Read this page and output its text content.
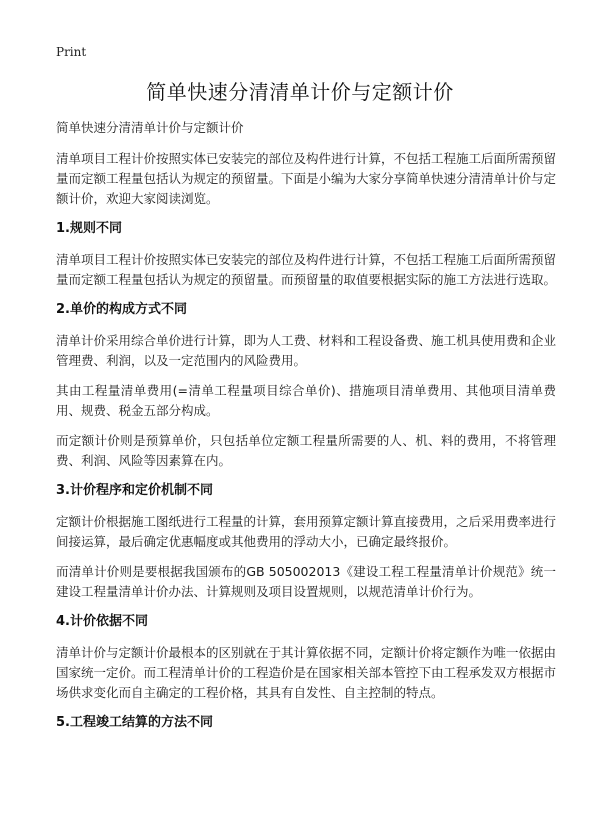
Print
简单快速分清清单计价与定额计价
简单快速分清清单计价与定额计价

清单项目工程计价按照实体已安装完的部位及构件进行计算，不包括工程施工后面所需预留量而定额工程量包括认为规定的预留量。下面是小编为大家分享简单快速分清清单计价与定额计价，欢迎大家阅读浏览。

1.规则不同

清单项目工程计价按照实体已安装完的部位及构件进行计算，不包括工程施工后面所需预留量而定额工程量包括认为规定的预留量。而预留量的取值要根据实际的施工方法进行选取。

2.单价的构成方式不同

清单计价采用综合单价进行计算，即为人工费、材料和工程设备费、施工机具使用费和企业管理费、利润，以及一定范围内的风险费用。

其由工程量清单费用(=清单工程量项目综合单价)、措施项目清单费用、其他项目清单费用、规费、税金五部分构成。

而定额计价则是预算单价，只包括单位定额工程量所需要的人、机、料的费用，不将管理费、利润、风险等因素算在内。

3.计价程序和定价机制不同

定额计价根据施工图纸进行工程量的计算，套用预算定额计算直接费用，之后采用费率进行间接运算，最后确定优惠幅度或其他费用的浮动大小，已确定最终报价。

而清单计价则是要根据我国颁布的GB 505002013《建设工程工程量清单计价规范》统一建设工程量清单计价办法、计算规则及项目设置规则，以规范清单计价行为。

4.计价依据不同

清单计价与定额计价最根本的区别就在于其计算依据不同，定额计价将定额作为唯一依据由国家统一定价。而工程清单计价的工程造价是在国家相关部本管控下由工程承发双方根据市场供求变化而自主确定的工程价格，其具有自发性、自主控制的特点。

5.工程竣工结算的方法不同
